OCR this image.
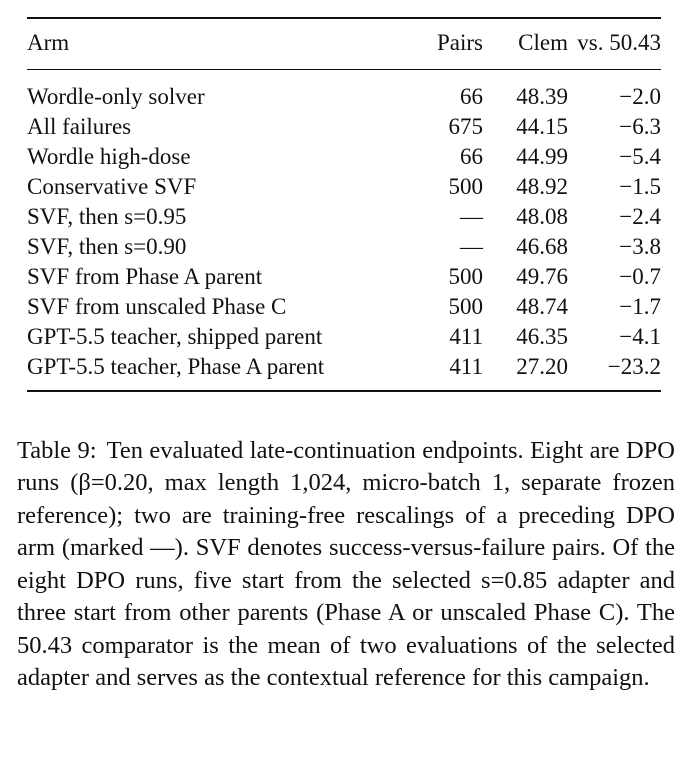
Arm	Pairs	Clem	vs. 50.43
Wordle-only solver	66	48.39	−2.0
All failures	675	44.15	−6.3
Wordle high-dose	66	44.99	−5.4
Conservative SVF	500	48.92	−1.5
SVF, then s=0.95	—	48.08	−2.4
SVF, then s=0.90	—	46.68	−3.8
SVF from Phase A parent	500	49.76	−0.7
SVF from unscaled Phase C	500	48.74	−1.7
GPT-5.5 teacher, shipped parent	411	46.35	−4.1
GPT-5.5 teacher, Phase A parent	411	27.20	−23.2

Table 9: Ten evaluated late-continuation endpoints. Eight are DPO runs (β=0.20, max length 1,024, micro-batch 1, separate frozen reference); two are training-free rescalings of a preceding DPO arm (marked —). SVF denotes success-versus-failure pairs. Of the eight DPO runs, five start from the selected s=0.85 adapter and three start from other parents (Phase A or unscaled Phase C). The 50.43 comparator is the mean of two evaluations of the selected adapter and serves as the contextual reference for this campaign.
